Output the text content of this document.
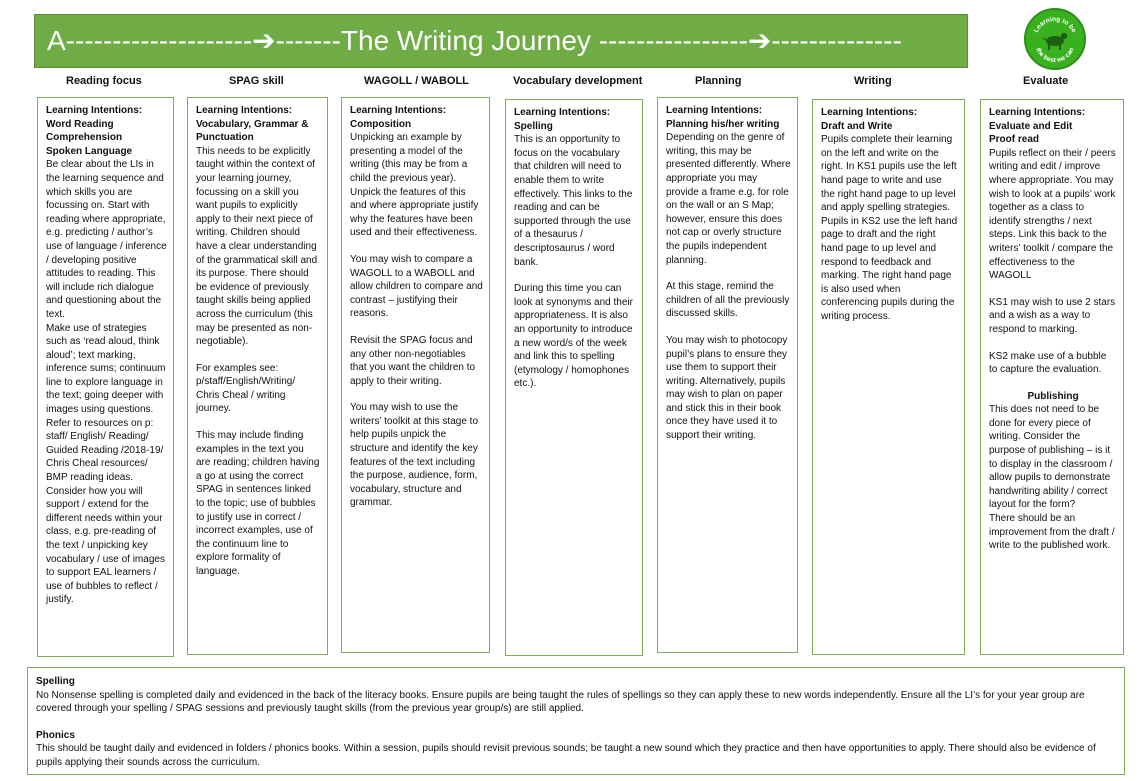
A--------------------➔-------The Writing Journey ----------------➔--------------	Learning to be
the best we can
Reading focus	SPAG skill	WAGOLL / WABOLL	Vocabulary development	Planning	Writing	Evaluate
Learning Intentions:
Word Reading
Comprehension
Spoken Language

Be clear about the LIs in the learning sequence and which skills you are focussing on. Start with reading where appropriate, e.g. predicting / author’s use of language / inference / developing positive attitudes to reading. This will include rich dialogue and questioning about the text.

Make use of strategies such as ‘read aloud, think aloud’; text marking, inference sums; continuum line to explore language in the text; going deeper with images using questions. Refer to resources on p: staff/ English/ Reading/ Guided Reading /2018-19/ Chris Cheal resources/ BMP reading ideas.

Consider how you will support / extend for the different needs within your class, e.g. pre-reading of the text / unpicking key vocabulary / use of images to support EAL learners / use of bubbles to reflect / justify.

Learning Intentions:
Vocabulary, Grammar & Punctuation

This needs to be explicitly taught within the context of your learning journey, focussing on a skill you want pupils to explicitly apply to their next piece of writing. Children should have a clear understanding of the grammatical skill and its purpose. There should be evidence of previously taught skills being applied across the curriculum (this may be presented as non-negotiable).

For examples see: p/staff/English/Writing/ Chris Cheal / writing journey.

This may include finding examples in the text you are reading; children having a go at using the correct SPAG in sentences linked to the topic; use of bubbles to justify use in correct / incorrect examples, use of the continuum line to explore formality of language.

Learning Intentions:
Composition

Unpicking an example by presenting a model of the writing (this may be from a child the previous year). Unpick the features of this and where appropriate justify why the features have been used and their effectiveness.

You may wish to compare a WAGOLL to a WABOLL and allow children to compare and contrast – justifying their reasons.

Revisit the SPAG focus and any other non-negotiables that you want the children to apply to their writing.

You may wish to use the writers’ toolkit at this stage to help pupils unpick the structure and identify the key features of the text including the purpose, audience, form, vocabulary, structure and grammar.

Learning Intentions:
Spelling

This is an opportunity to focus on the vocabulary that children will need to enable them to write effectively. This links to the reading and can be supported through the use of a thesaurus / descriptosaurus / word bank.

During this time you can look at synonyms and their appropriateness. It is also an opportunity to introduce a new word/s of the week and link this to spelling (etymology / homophones etc.).

Learning Intentions:
Planning his/her writing

Depending on the genre of writing, this may be presented differently. Where appropriate you may provide a frame e.g. for role on the wall or an S Map; however, ensure this does not cap or overly structure the pupils independent planning.

At this stage, remind the children of all the previously discussed skills.

You may wish to photocopy pupil’s plans to ensure they use them to support their writing. Alternatively, pupils may wish to plan on paper and stick this in their book once they have used it to support their writing.

Learning Intentions:
Draft and Write

Pupils complete their learning on the left and write on the right. In KS1 pupils use the left hand page to write and use the right hand page to up level and apply spelling strategies. Pupils in KS2 use the left hand page to draft and the right hand page to up level and respond to feedback and marking. The right hand page is also used when conferencing pupils during the writing process.

Learning Intentions:
Evaluate and Edit
Proof read

Pupils reflect on their / peers writing and edit / improve where appropriate. You may wish to look at a pupils’ work together as a class to identify strengths / next steps. Link this back to the writers’ toolkit / compare the effectiveness to the WAGOLL

KS1 may wish to use 2 stars and a wish as a way to respond to marking.

KS2 make use of a bubble to capture the evaluation.

Publishing

This does not need to be done for every piece of writing. Consider the purpose of publishing – is it to display in the classroom / allow pupils to demonstrate handwriting ability / correct layout for the form?

There should be an improvement from the draft / write to the published work.

Spelling

No Nonsense spelling is completed daily and evidenced in the back of the literacy books. Ensure pupils are being taught the rules of spellings so they can apply these to new words independently. Ensure all the LI’s for your year group are covered through your spelling / SPAG sessions and previously taught skills (from the previous year group/s) are still applied.

Phonics

This should be taught daily and evidenced in folders / phonics books. Within a session, pupils should revisit previous sounds; be taught a new sound which they practice and then have opportunities to apply. There should also be evidence of pupils applying their sounds across the curriculum.
